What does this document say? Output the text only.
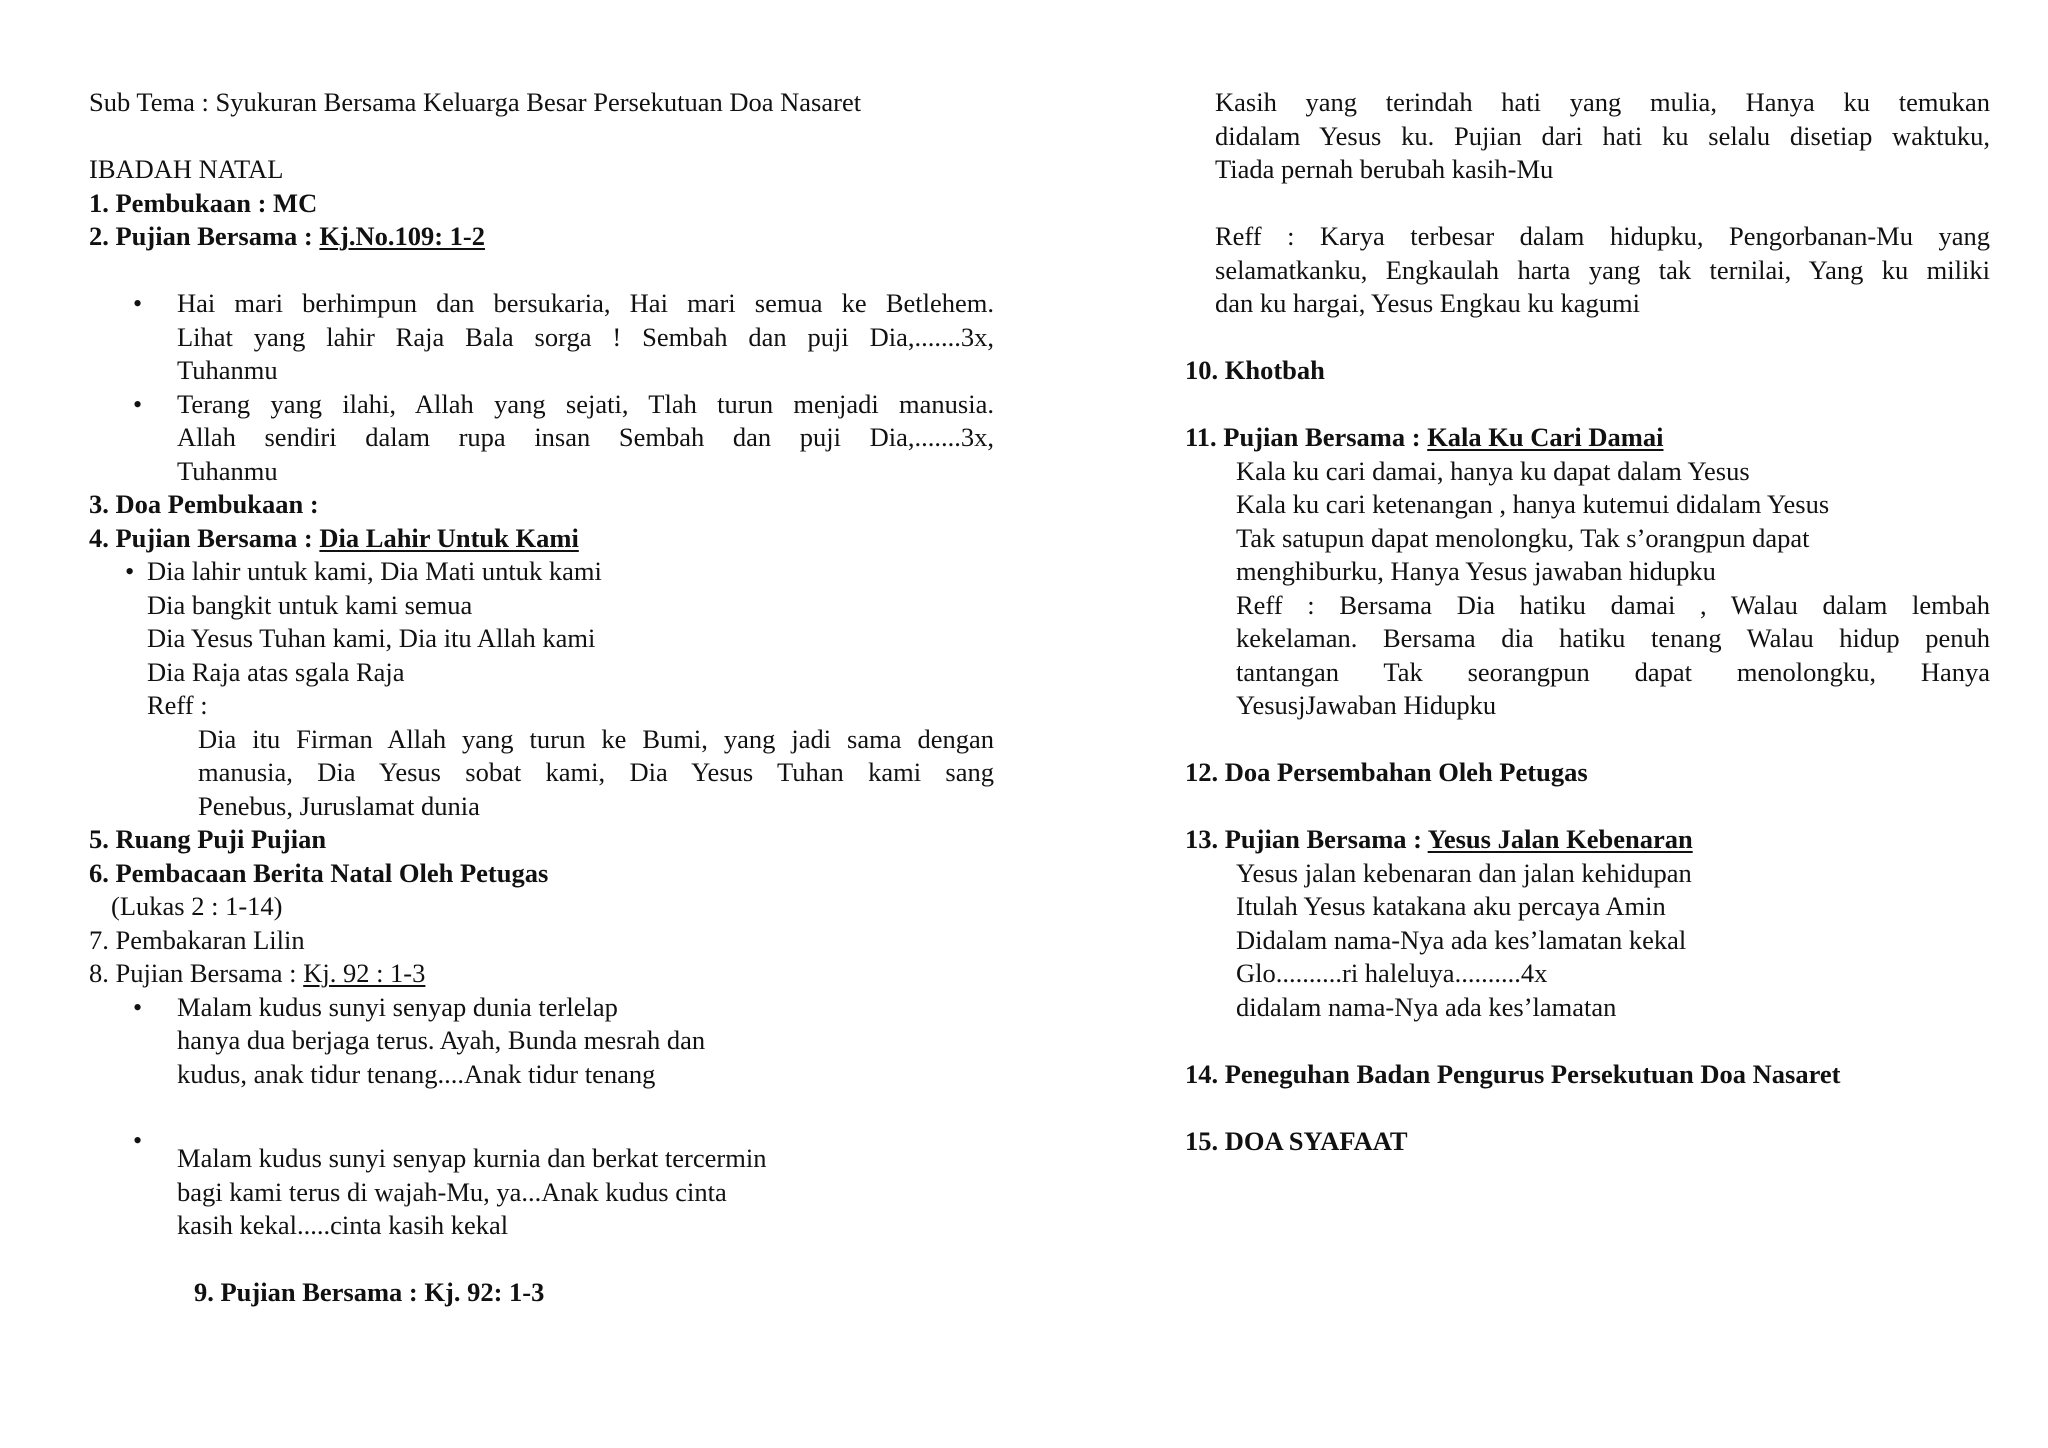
Sub Tema : Syukuran Bersama Keluarga Besar Persekutuan Doa Nasaret

IBADAH NATAL

1. Pembukaan : MC

2. Pujian Bersama : Kj.No.109: 1-2

• Hai mari berhimpun dan bersukaria, Hai mari semua ke Betlehem.

Lihat yang lahir Raja Bala sorga ! Sembah dan puji Dia,.......3x,

Tuhanmu

• Terang yang ilahi, Allah yang sejati, Tlah turun menjadi manusia.

Allah sendiri dalam rupa insan Sembah dan puji Dia,.......3x,

Tuhanmu

3. Doa Pembukaan :

4. Pujian Bersama : Dia Lahir Untuk Kami

• Dia lahir untuk kami, Dia Mati untuk kami

Dia bangkit untuk kami semua

Dia Yesus Tuhan kami, Dia itu Allah kami

Dia Raja atas sgala Raja

Reff :

Dia itu Firman Allah yang turun ke Bumi, yang jadi sama dengan

manusia, Dia Yesus sobat kami, Dia Yesus Tuhan kami sang

Penebus, Juruslamat dunia

5. Ruang Puji Pujian

6. Pembacaan Berita Natal Oleh Petugas

(Lukas 2 : 1-14)

7. Pembakaran Lilin

8. Pujian Bersama : Kj. 92 : 1-3

• Malam kudus sunyi senyap dunia terlelap

hanya dua berjaga terus. Ayah, Bunda mesrah dan

kudus, anak tidur tenang....Anak tidur tenang

• Malam kudus sunyi senyap kurnia dan berkat tercermin

bagi kami terus di wajah-Mu, ya...Anak kudus cinta

kasih kekal.....cinta kasih kekal

9. Pujian Bersama : Kj. 92: 1-3

Kasih yang terindah hati yang mulia, Hanya ku temukan

didalam Yesus ku. Pujian dari hati ku selalu disetiap waktuku,

Tiada pernah berubah kasih-Mu

Reff : Karya terbesar dalam hidupku, Pengorbanan-Mu yang

selamatkanku, Engkaulah harta yang tak ternilai, Yang ku miliki

dan ku hargai, Yesus Engkau ku kagumi

10. Khotbah

11. Pujian Bersama : Kala Ku Cari Damai

Kala ku cari damai, hanya ku dapat dalam Yesus

Kala ku cari ketenangan , hanya kutemui didalam Yesus

Tak satupun dapat menolongku, Tak s’orangpun dapat

menghiburku, Hanya Yesus jawaban hidupku

Reff : Bersama Dia hatiku damai , Walau dalam lembah

kekelaman. Bersama dia hatiku tenang Walau hidup penuh

tantangan Tak seorangpun dapat menolongku, Hanya

YesusjJawaban Hidupku

12. Doa Persembahan Oleh Petugas

13. Pujian Bersama : Yesus Jalan Kebenaran

Yesus jalan kebenaran dan jalan kehidupan

Itulah Yesus katakana aku percaya Amin

Didalam nama-Nya ada kes’lamatan kekal

Glo..........ri haleluya..........4x

didalam nama-Nya ada kes’lamatan

14. Peneguhan Badan Pengurus Persekutuan Doa Nasaret

15. DOA SYAFAAT
